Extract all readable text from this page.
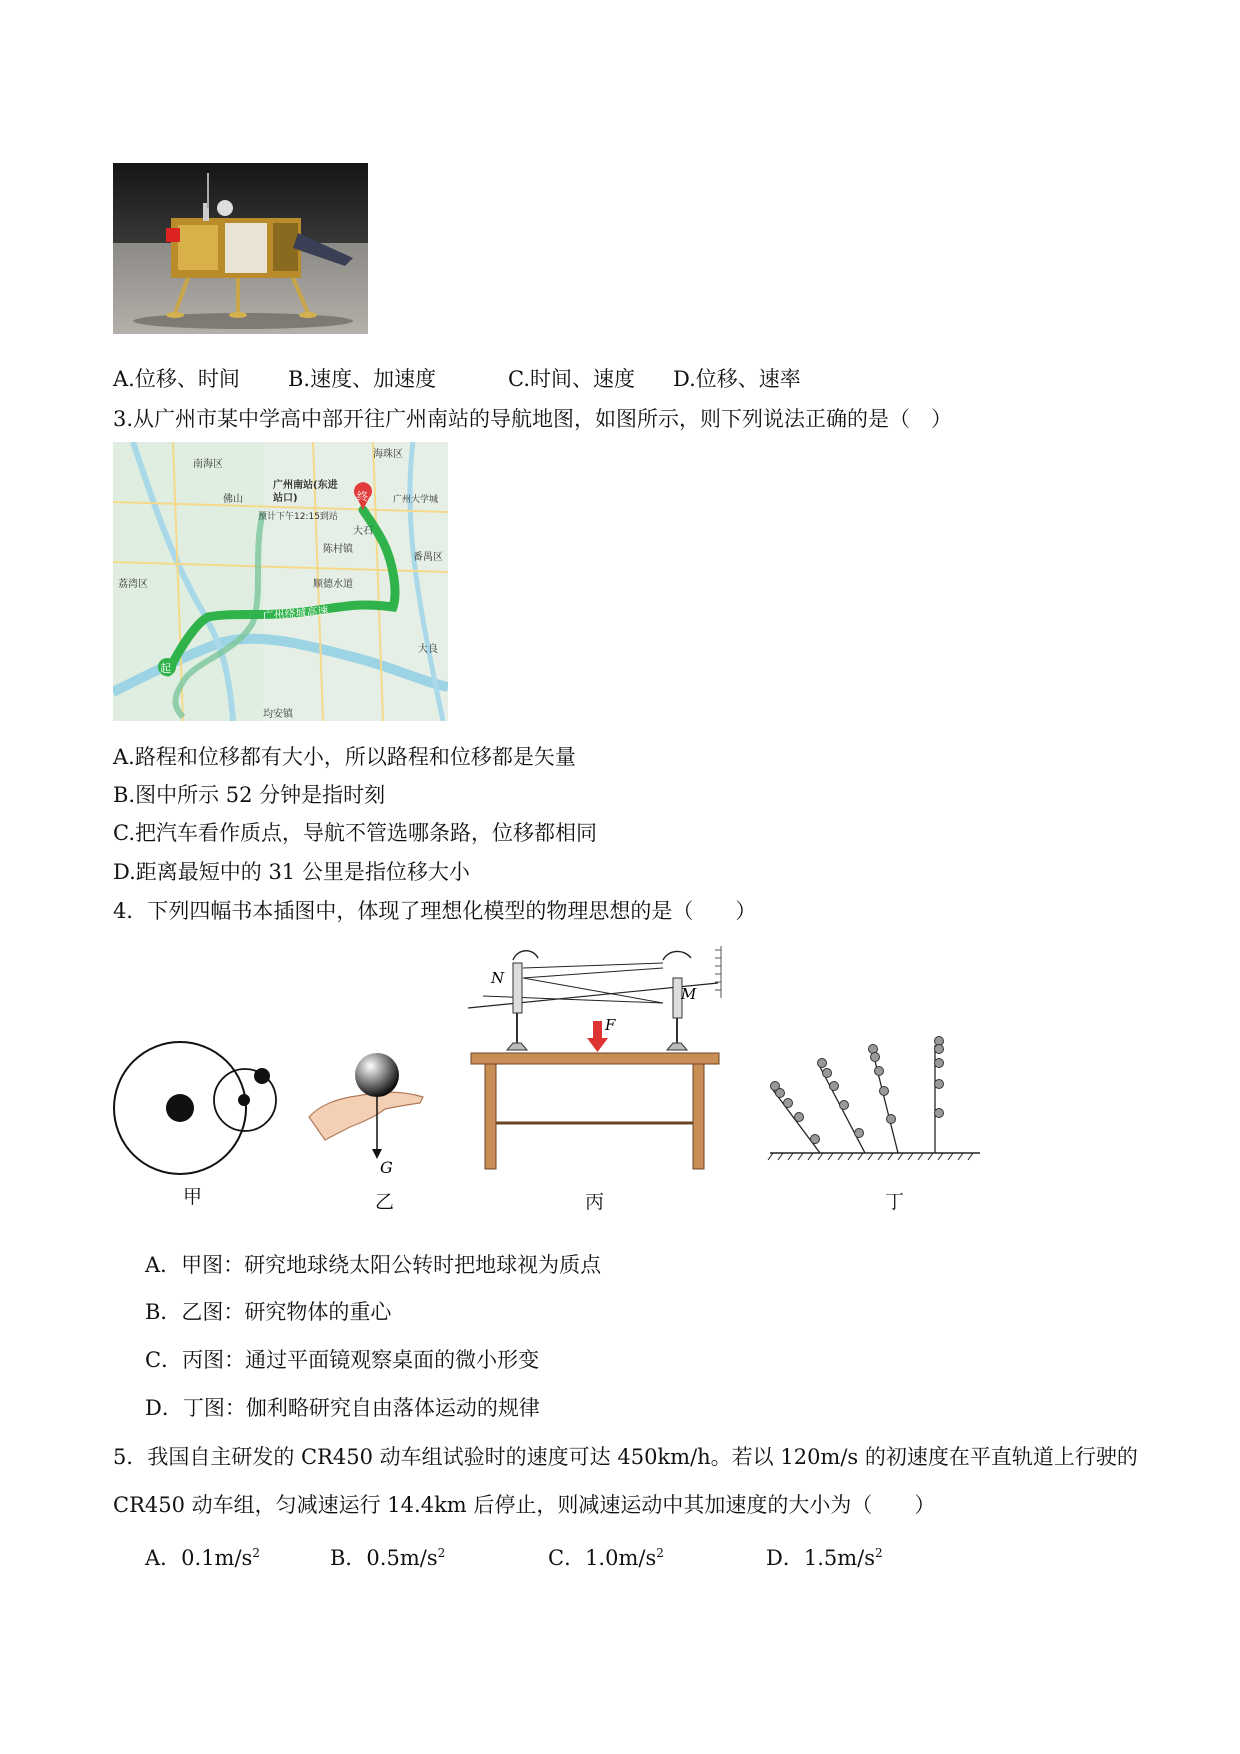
A.位移、时间 B.速度、加速度	C.时间、速度 D.位移、速率
3.从广州市某中学高中部开往广州南站的导航地图，如图所示，则下列说法正确的是（　）
广州绕城高速
起
终
广州南站(东进
站口)
预计下午12:15到站
番禺区
海珠区
大石
陈村镇
顺德水道
南海区
荔湾区
大良
均安镇
佛山	广州大学城
A.路程和位移都有大小，所以路程和位移都是矢量
B.图中所示 52 分钟是指时刻
C.把汽车看作质点，导航不管选哪条路，位移都相同
D.距离最短中的 31 公里是指位移大小
4．下列四幅书本插图中，体现了理想化模型的物理思想的是（　　）
甲
G
乙
F
N
M
丙	丁
A．甲图：研究地球绕太阳公转时把地球视为质点
B．乙图：研究物体的重心
C．丙图：通过平面镜观察桌面的微小形变
D．丁图：伽利略研究自由落体运动的规律
5．我国自主研发的 CR450 动车组试验时的速度可达 450km/h。若以 120m/s 的初速度在平直轨道上行驶的
CR450 动车组，匀减速运行 14.4km 后停止，则减速运动中其加速度的大小为（　　）
A．$0.1m/s^2$	B．$0.5m/s^2$	C．$1.0m/s^2$	D．$1.5m/s^2$
